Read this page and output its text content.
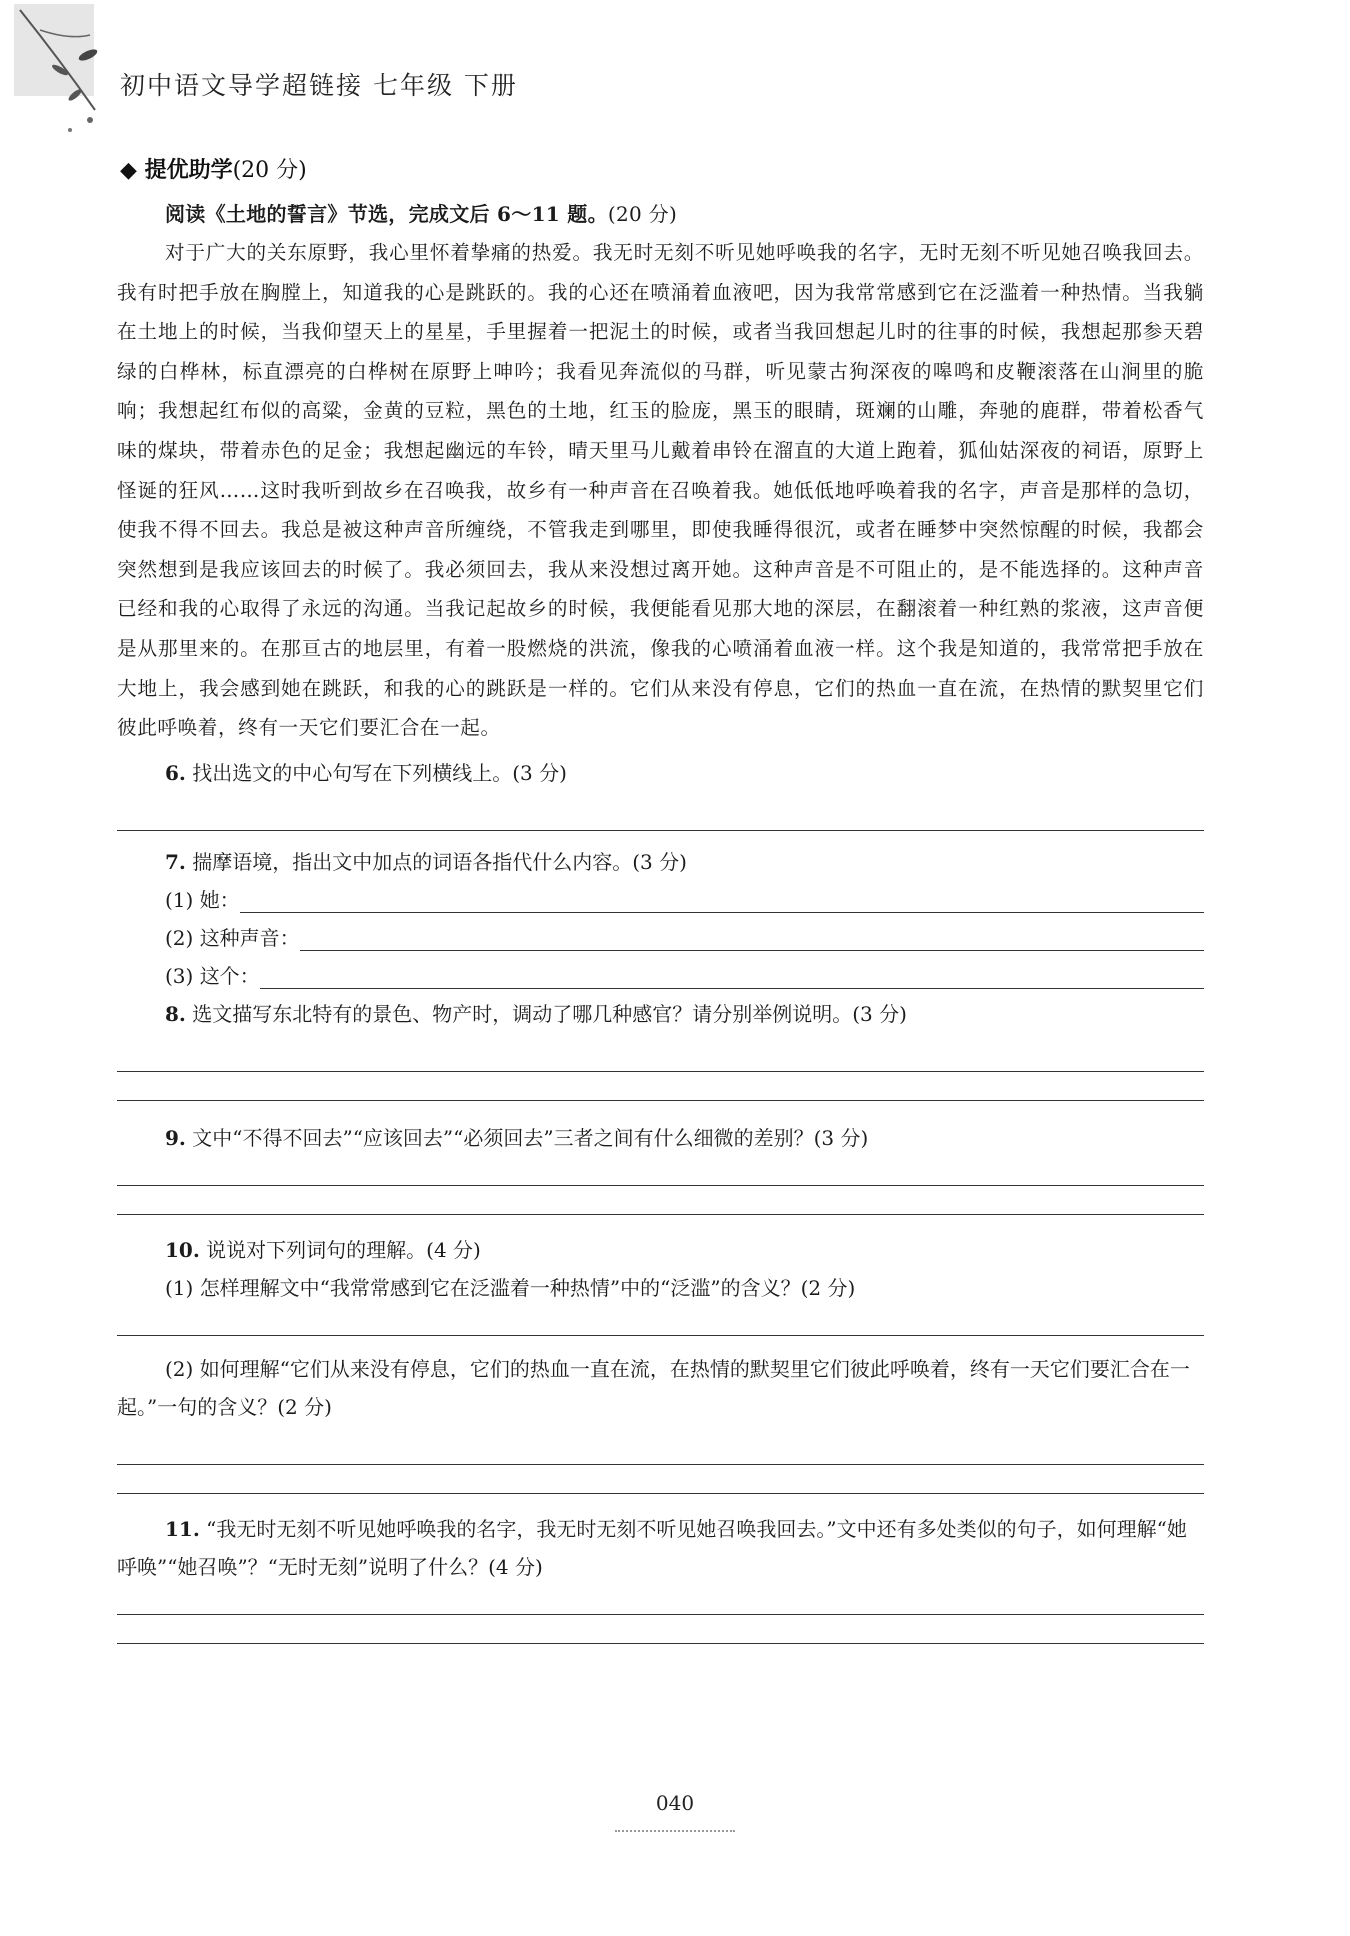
初中语文导学超链接 七年级 下册
◆ 提优助学(20 分)

阅读《土地的誓言》节选，完成文后 6～11 题。(20 分)

对于广大的关东原野，我心里怀着挚痛的热爱。我无时无刻不听见她呼唤我的名字，无时无刻不听见她召唤我回去。我有时把手放在胸膛上，知道我的心是跳跃的。我的心还在喷涌着血液吧，因为我常常感到它在泛滥着一种热情。当我躺在土地上的时候，当我仰望天上的星星，手里握着一把泥土的时候，或者当我回想起儿时的往事的时候，我想起那参天碧绿的白桦林，标直漂亮的白桦树在原野上呻吟；我看见奔流似的马群，听见蒙古狗深夜的嗥鸣和皮鞭滚落在山涧里的脆响；我想起红布似的高粱，金黄的豆粒，黑色的土地，红玉的脸庞，黑玉的眼睛，斑斓的山雕，奔驰的鹿群，带着松香气味的煤块，带着赤色的足金；我想起幽远的车铃，晴天里马儿戴着串铃在溜直的大道上跑着，狐仙姑深夜的祠语，原野上怪诞的狂风……这时我听到故乡在召唤我，故乡有一种声音在召唤着我。她低低地呼唤着我的名字，声音是那样的急切，使我不得不回去。我总是被这种声音所缠绕，不管我走到哪里，即使我睡得很沉，或者在睡梦中突然惊醒的时候，我都会突然想到是我应该回去的时候了。我必须回去，我从来没想过离开她。这种声音是不可阻止的，是不能选择的。这种声音已经和我的心取得了永远的沟通。当我记起故乡的时候，我便能看见那大地的深层，在翻滚着一种红熟的浆液，这声音便是从那里来的。在那亘古的地层里，有着一股燃烧的洪流，像我的心喷涌着血液一样。这个我是知道的，我常常把手放在大地上，我会感到她在跳跃，和我的心的跳跃是一样的。它们从来没有停息，它们的热血一直在流，在热情的默契里它们彼此呼唤着，终有一天它们要汇合在一起。

6. 找出选文的中心句写在下列横线上。(3 分)

7. 揣摩语境，指出文中加点的词语各指代什么内容。(3 分)

(1) 她：
(2) 这种声音：
(3) 这个：

8. 选文描写东北特有的景色、物产时，调动了哪几种感官？请分别举例说明。(3 分)

9. 文中“不得不回去”“应该回去”“必须回去”三者之间有什么细微的差别？(3 分)

10. 说说对下列词句的理解。(4 分)

(1) 怎样理解文中“我常常感到它在泛滥着一种热情”中的“泛滥”的含义？(2 分)

(2) 如何理解“它们从来没有停息，它们的热血一直在流，在热情的默契里它们彼此呼唤着，终有一天它们要汇合在一起。”一句的含义？(2 分)

11. “我无时无刻不听见她呼唤我的名字，我无时无刻不听见她召唤我回去。”文中还有多处类似的句子，如何理解“她呼唤”“她召唤”？“无时无刻”说明了什么？(4 分)

040
